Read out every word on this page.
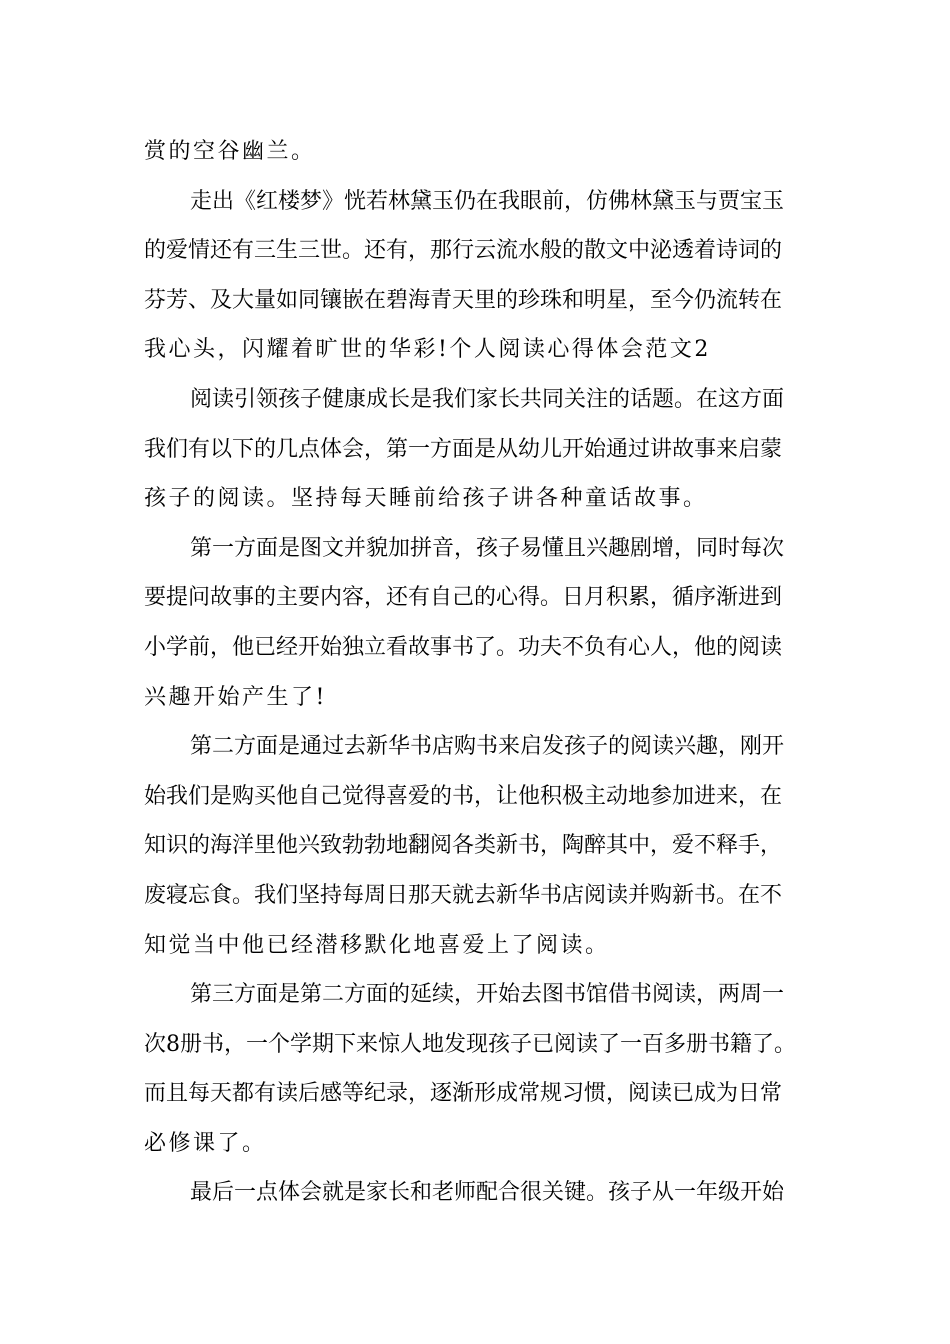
赏的空谷幽兰。
走出《红楼梦》恍若林黛玉仍在我眼前，仿佛林黛玉与贾宝玉
的爱情还有三生三世。还有，那行云流水般的散文中泌透着诗词的
芬芳、及大量如同镶嵌在碧海青天里的珍珠和明星，至今仍流转在
我心头，闪耀着旷世的华彩!个人阅读心得体会范文2
阅读引领孩子健康成长是我们家长共同关注的话题。在这方面
我们有以下的几点体会，第一方面是从幼儿开始通过讲故事来启蒙
孩子的阅读。坚持每天睡前给孩子讲各种童话故事。
第一方面是图文并貌加拼音，孩子易懂且兴趣剧增，同时每次
要提问故事的主要内容，还有自己的心得。日月积累，循序渐进到
小学前，他已经开始独立看故事书了。功夫不负有心人，他的阅读
兴趣开始产生了!
第二方面是通过去新华书店购书来启发孩子的阅读兴趣，刚开
始我们是购买他自己觉得喜爱的书，让他积极主动地参加进来，在
知识的海洋里他兴致勃勃地翻阅各类新书，陶醉其中，爱不释手，
废寝忘食。我们坚持每周日那天就去新华书店阅读并购新书。在不
知觉当中他已经潜移默化地喜爱上了阅读。
第三方面是第二方面的延续，开始去图书馆借书阅读，两周一
次8册书，一个学期下来惊人地发现孩子已阅读了一百多册书籍了。
而且每天都有读后感等纪录，逐渐形成常规习惯，阅读已成为日常
必修课了。
最后一点体会就是家长和老师配合很关键。孩子从一年级开始
